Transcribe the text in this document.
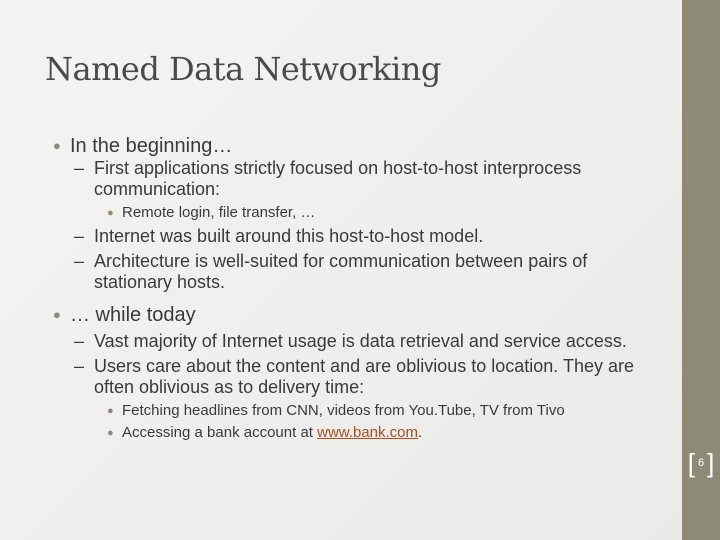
Named Data Networking
● In the beginning…
– First applications strictly focused on host-to-host interprocess communication:
● Remote login, file transfer, …
– Internet was built around this host-to-host model.
– Architecture is well-suited for communication between pairs of stationary hosts.
● … while today
– Vast majority of Internet usage is data retrieval and service access.
– Users care about the content and are oblivious to location. They are often oblivious as to delivery time:
● Fetching headlines from CNN, videos from You.Tube, TV from Tivo
● Accessing a bank account at www.bank.com.
[ 6 ]
